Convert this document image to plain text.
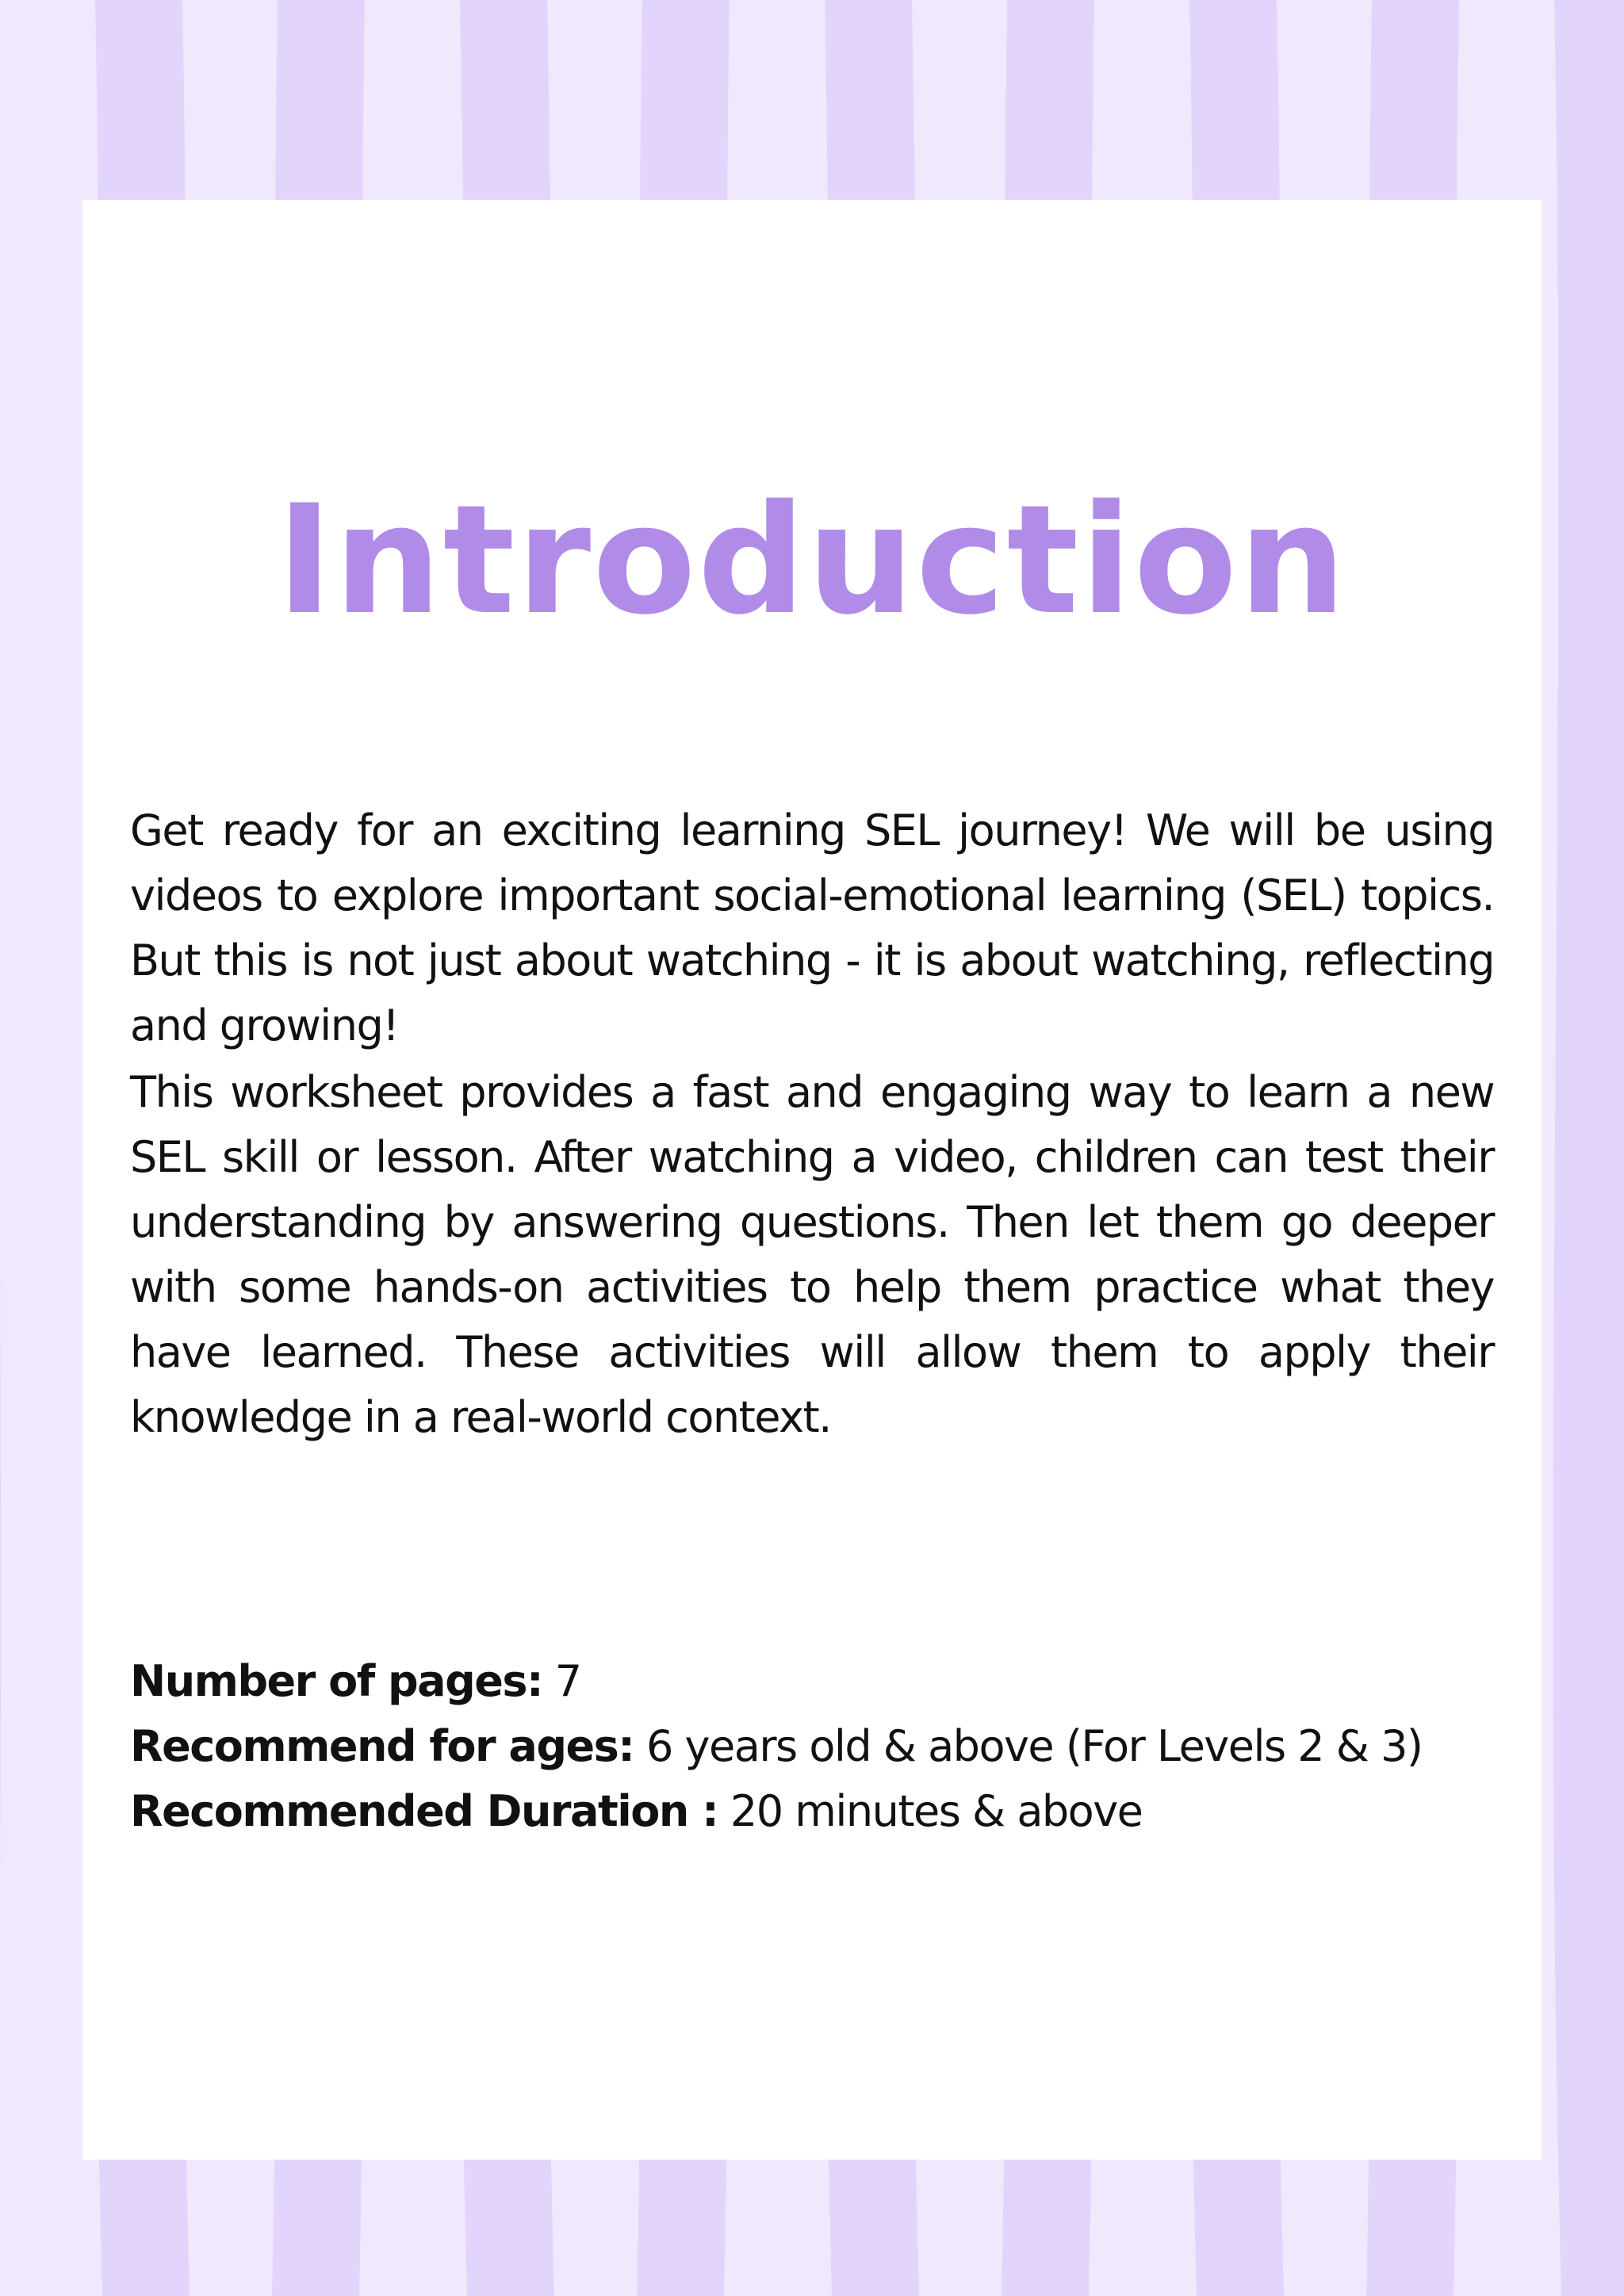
Introduction

Get ready for an exciting learning SEL journey! We will be using videos to explore important social-emotional learning (SEL) topics. But this is not just about watching - it is about watching, reflecting and growing!

This worksheet provides a fast and engaging way to learn a new SEL skill or lesson. After watching a video, children can test their understanding by answering questions. Then let them go deeper with some hands-on activities to help them practice what they have learned. These activities will allow them to apply their knowledge in a real-world context.

Number of pages: 7
Recommend for ages: 6 years old & above (For Levels 2 & 3)
Recommended Duration : 20 minutes & above
